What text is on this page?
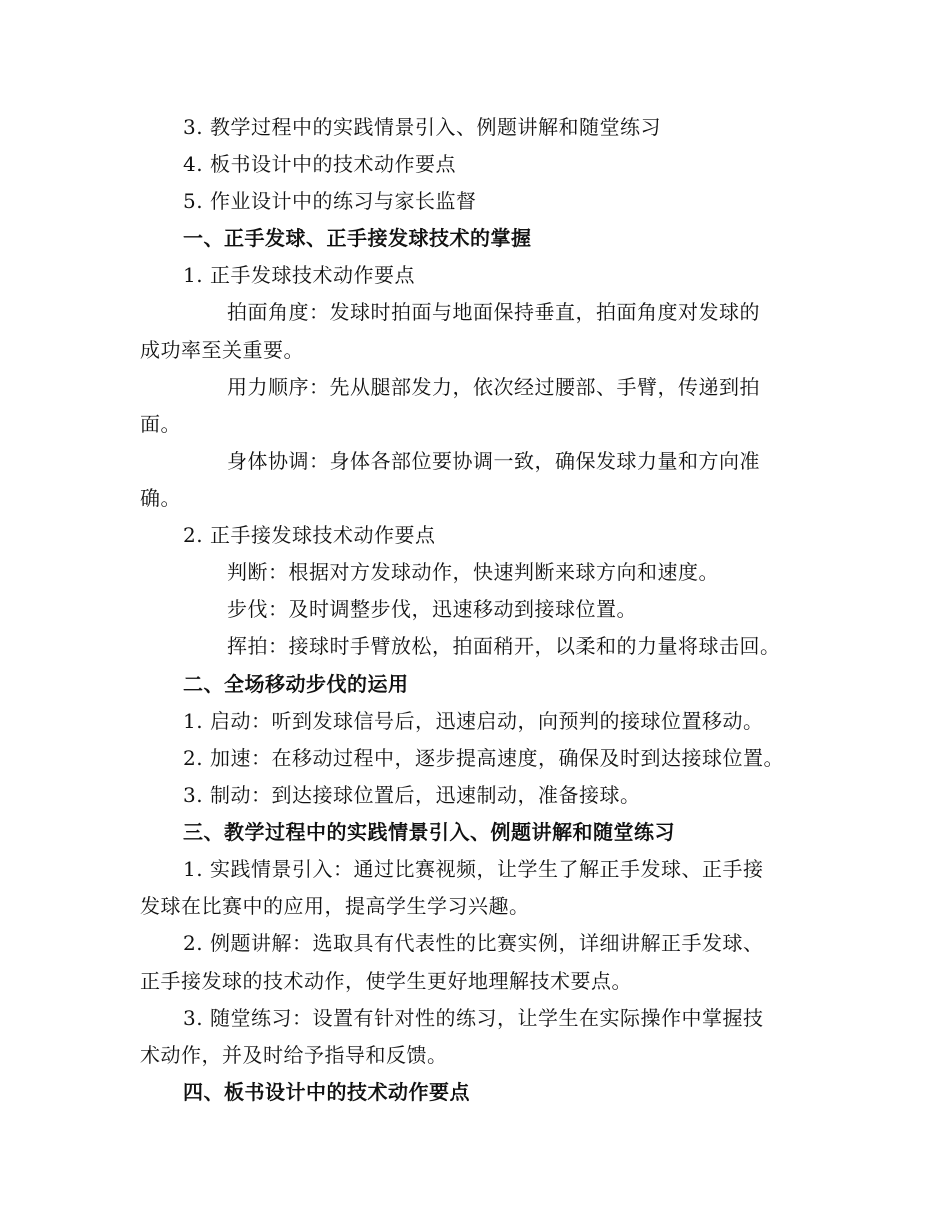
3. 教学过程中的实践情景引入、例题讲解和随堂练习
4. 板书设计中的技术动作要点
5. 作业设计中的练习与家长监督
一、正手发球、正手接发球技术的掌握
1. 正手发球技术动作要点
拍面角度：发球时拍面与地面保持垂直，拍面角度对发球的
成功率至关重要。
用力顺序：先从腿部发力，依次经过腰部、手臂，传递到拍
面。
身体协调：身体各部位要协调一致，确保发球力量和方向准
确。
2. 正手接发球技术动作要点
判断：根据对方发球动作，快速判断来球方向和速度。
步伐：及时调整步伐，迅速移动到接球位置。
挥拍：接球时手臂放松，拍面稍开，以柔和的力量将球击回。
二、全场移动步伐的运用
1. 启动：听到发球信号后，迅速启动，向预判的接球位置移动。
2. 加速：在移动过程中，逐步提高速度，确保及时到达接球位置。
3. 制动：到达接球位置后，迅速制动，准备接球。
三、教学过程中的实践情景引入、例题讲解和随堂练习
1. 实践情景引入：通过比赛视频，让学生了解正手发球、正手接
发球在比赛中的应用，提高学生学习兴趣。
2. 例题讲解：选取具有代表性的比赛实例，详细讲解正手发球、
正手接发球的技术动作，使学生更好地理解技术要点。
3. 随堂练习：设置有针对性的练习，让学生在实际操作中掌握技
术动作，并及时给予指导和反馈。
四、板书设计中的技术动作要点
